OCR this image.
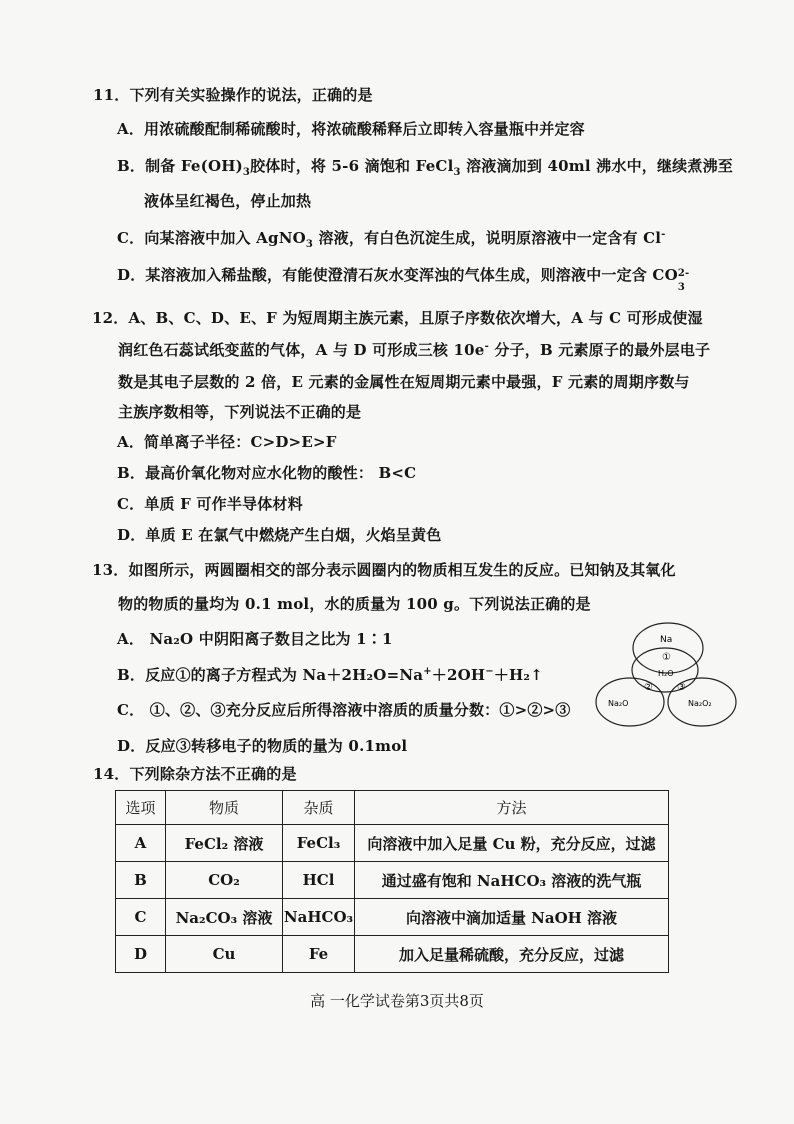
11．下列有关实验操作的说法，正确的是
A．用浓硫酸配制稀硫酸时，将浓硫酸稀释后立即转入容量瓶中并定容
B．制备 $Fe(OH)_3$胶体时，将 5-6 滴饱和 FeCl$_3$ 溶液滴加到 40ml 沸水中，继续煮沸至
液体呈红褐色，停止加热
C．向某溶液中加入 AgNO$_3$ 溶液，有白色沉淀生成，说明原溶液中一定含有 Cl-
D．某溶液加入稀盐酸，有能使澄清石灰水变浑浊的气体生成，则溶液中一定含 CO 2-
3
12．A、B、C、D、E、F 为短周期主族元素，且原子序数依次增大，A 与 C 可形成使湿
润红色石蕊试纸变蓝的气体，A 与 D 可形成三核 10e- 分子，B 元素原子的最外层电子
数是其电子层数的 2 倍，E 元素的金属性在短周期元素中最强，F 元素的周期序数与
主族序数相等，下列说法不正确的是
A．简单离子半径：C>D>E>F
B．最高价氧化物对应水化物的酸性： B<C
C．单质 F 可作半导体材料
D．单质 E 在氯气中燃烧产生白烟，火焰呈黄色
13．如图所示，两圆圈相交的部分表示圆圈内的物质相互发生的反应。已知钠及其氧化
物的物质的量均为 0.1 mol，水的质量为 100 g。下列说法正确的是
A． Na₂O 中阴阳离子数目之比为 1∶1
B．反应①的离子方程式为 Na＋2H₂O=Na+＋2OH−＋H₂↑
C． ①、②、③充分反应后所得溶液中溶质的质量分数：①>②>③
D．反应③转移电子的物质的量为 0.1mol
Na
①
H₂O
② ③
Na₂O	Na₂O₂
14．下列除杂方法不正确的是
选项	物质	杂质	方法
A	FeCl₂ 溶液	FeCl₃	向溶液中加入足量 Cu 粉，充分反应，过滤
B	CO₂	HCl	通过盛有饱和 NaHCO₃ 溶液的洗气瓶
C	Na₂CO₃ 溶液	NaHCO₃	向溶液中滴加适量 NaOH 溶液
D	Cu	Fe	加入足量稀硫酸，充分反应，过滤
高 一化学试卷第3页共8页
